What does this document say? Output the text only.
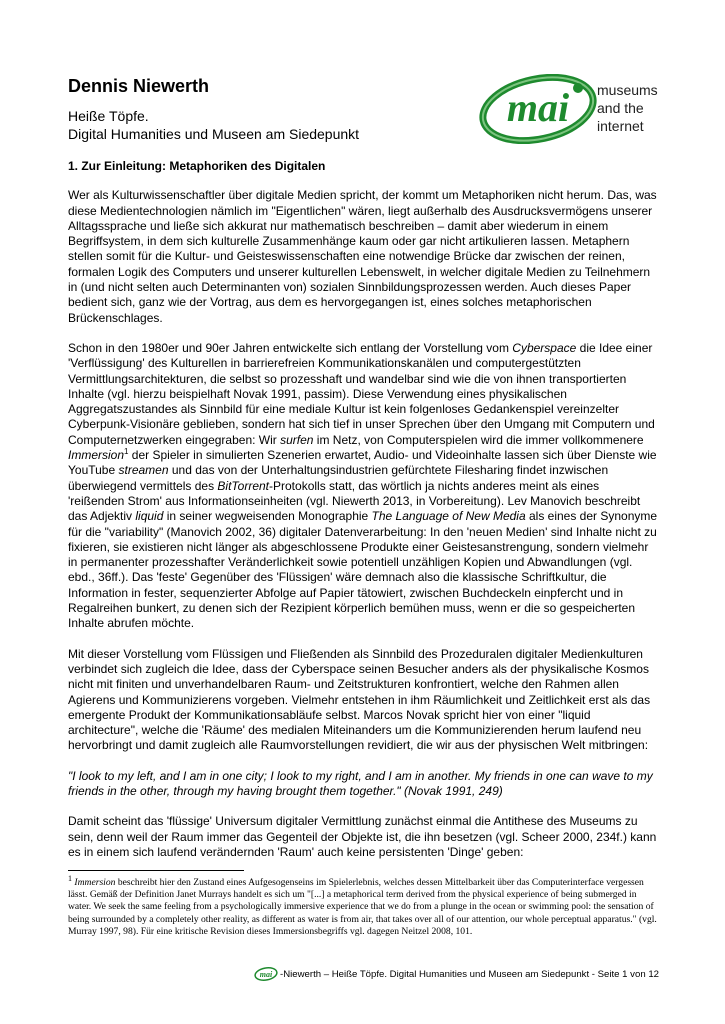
Dennis Niewerth
Heiße Töpfe.
Digital Humanities und Museen am Siedepunkt
mai museums
and the
internet
1. Zur Einleitung: Metaphoriken des Digitalen

Wer als Kulturwissenschaftler über digitale Medien spricht, der kommt um Metaphoriken nicht herum. Das, was diese Medientechnologien nämlich im "Eigentlichen" wären, liegt außerhalb des Ausdrucksvermögens unserer Alltagssprache und ließe sich akkurat nur mathematisch beschreiben – damit aber wiederum in einem Begriffsystem, in dem sich kulturelle Zusammenhänge kaum oder gar nicht artikulieren lassen. Metaphern stellen somit für die Kultur- und Geisteswissenschaften eine notwendige Brücke dar zwischen der reinen, formalen Logik des Computers und unserer kulturellen Lebenswelt, in welcher digitale Medien zu Teilnehmern in (und nicht selten auch Determinanten von) sozialen Sinnbildungsprozessen werden. Auch dieses Paper bedient sich, ganz wie der Vortrag, aus dem es hervorgegangen ist, eines solches metaphorischen Brückenschlages.

Schon in den 1980er und 90er Jahren entwickelte sich entlang der Vorstellung vom Cyberspace die Idee einer 'Verflüssigung' des Kulturellen in barrierefreien Kommunikationskanälen und computergestützten Vermittlungsarchitekturen, die selbst so prozesshaft und wandelbar sind wie die von ihnen transportierten Inhalte (vgl. hierzu beispielhaft Novak 1991, passim). Diese Verwendung eines physikalischen Aggregatszustandes als Sinnbild für eine mediale Kultur ist kein folgenloses Gedankenspiel vereinzelter Cyberpunk-Visionäre geblieben, sondern hat sich tief in unser Sprechen über den Umgang mit Computern und Computernetzwerken eingegraben: Wir surfen im Netz, von Computerspielen wird die immer vollkommenere Immersion$^1$ der Spieler in simulierten Szenerien erwartet, Audio- und Videoinhalte lassen sich über Dienste wie YouTube streamen und das von der Unterhaltungsindustrien gefürchtete Filesharing findet inzwischen überwiegend vermittels des BitTorrent-Protokolls statt, das wörtlich ja nichts anderes meint als eines 'reißenden Strom' aus Informationseinheiten (vgl. Niewerth 2013, in Vorbereitung). Lev Manovich beschreibt das Adjektiv liquid in seiner wegweisenden Monographie The Language of New Media als eines der Synonyme für die "variability" (Manovich 2002, 36) digitaler Datenverarbeitung: In den 'neuen Medien' sind Inhalte nicht zu fixieren, sie existieren nicht länger als abgeschlossene Produkte einer Geistesanstrengung, sondern vielmehr in permanenter prozesshafter Veränderlichkeit sowie potentiell unzähligen Kopien und Abwandlungen (vgl. ebd., 36ff.). Das 'feste' Gegenüber des 'Flüssigen' wäre demnach also die klassische Schriftkultur, die Information in fester, sequenzierter Abfolge auf Papier tätowiert, zwischen Buchdeckeln einpfercht und in Regalreihen bunkert, zu denen sich der Rezipient körperlich bemühen muss, wenn er die so gespeicherten Inhalte abrufen möchte.

Mit dieser Vorstellung vom Flüssigen und Fließenden als Sinnbild des Prozeduralen digitaler Medienkulturen verbindet sich zugleich die Idee, dass der Cyberspace seinen Besucher anders als der physikalische Kosmos nicht mit finiten und unverhandelbaren Raum- und Zeitstrukturen konfrontiert, welche den Rahmen allen Agierens und Kommunizierens vorgeben. Vielmehr entstehen in ihm Räumlichkeit und Zeitlichkeit erst als das emergente Produkt der Kommunikationsabläufe selbst. Marcos Novak spricht hier von einer "liquid architecture", welche die 'Räume' des medialen Miteinanders um die Kommunizierenden herum laufend neu hervorbringt und damit zugleich alle Raumvorstellungen revidiert, die wir aus der physischen Welt mitbringen:

"I look to my left, and I am in one city; I look to my right, and I am in another. My friends in one can wave to my friends in the other, through my having brought them together." (Novak 1991, 249)

Damit scheint das 'flüssige' Universum digitaler Vermittlung zunächst einmal die Antithese des Museums zu sein, denn weil der Raum immer das Gegenteil der Objekte ist, die ihn besetzen (vgl. Scheer 2000, 234f.) kann es in einem sich laufend verändernden 'Raum' auch keine persistenten 'Dinge' geben:

$^1$ Immersion beschreibt hier den Zustand eines Aufgesogenseins im Spielerlebnis, welches dessen Mittelbarkeit über das Computerinterface vergessen lässt. Gemäß der Definition Janet Murrays handelt es sich um "[...] a metaphorical term derived from the physical experience of being submerged in water. We seek the same feeling from a psychologically immersive experience that we do from a plunge in the ocean or swimming pool: the sensation of being surrounded by a completely other reality, as different as water is from air, that takes over all of our attention, our whole perceptual apparatus." (vgl. Murray 1997, 98). Für eine kritische Revision dieses Immersionsbegriffs vgl. dagegen Neitzel 2008, 101.
mai -Niewerth – Heiße Töpfe. Digital Humanities und Museen am Siedepunkt - Seite 1 von 12
